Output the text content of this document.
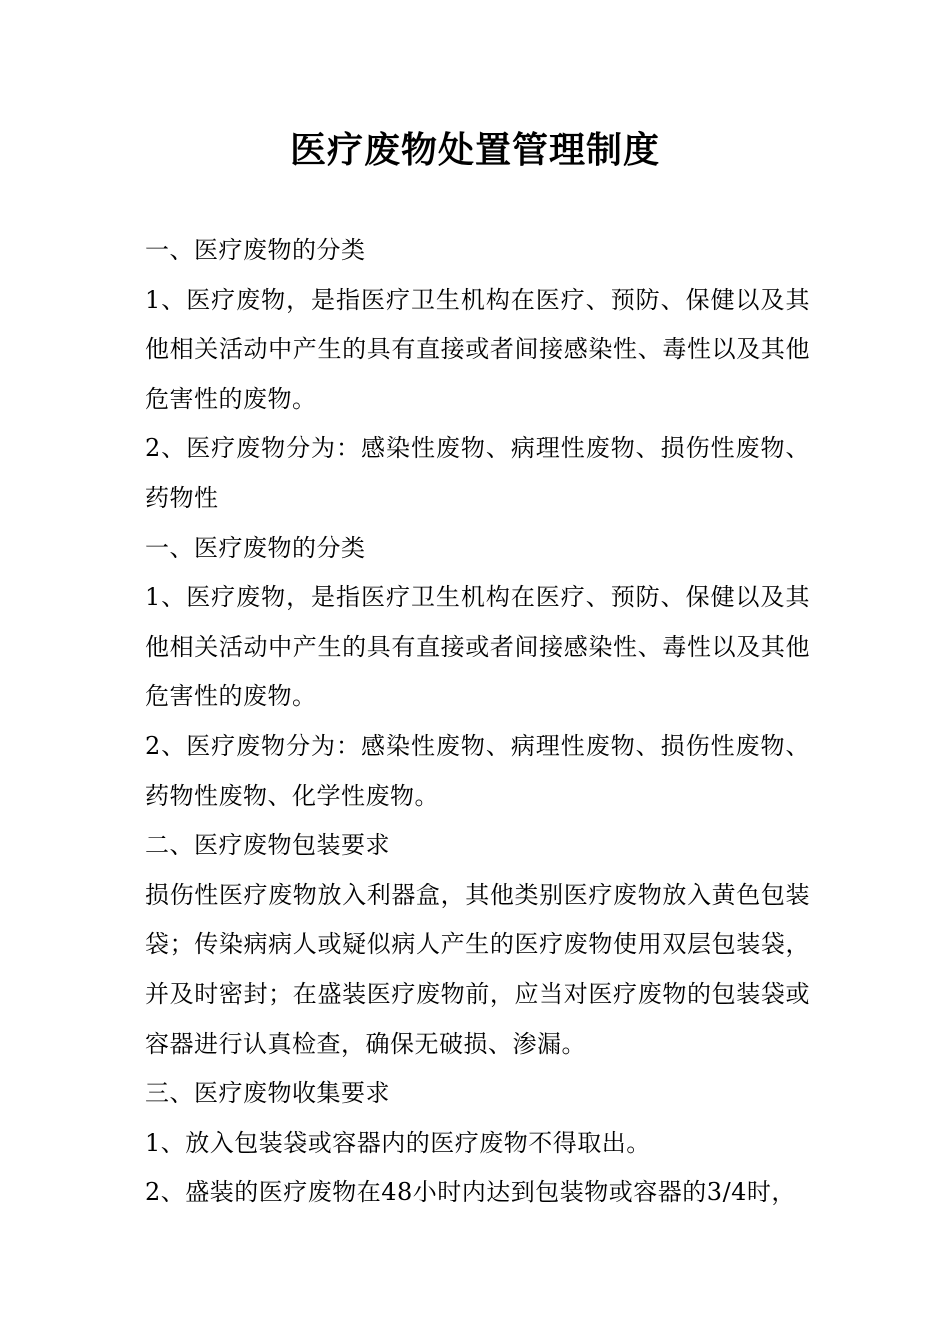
医疗废物处置管理制度

一、医疗废物的分类

1、医疗废物，是指医疗卫生机构在医疗、预防、保健以及其他相关活动中产生的具有直接或者间接感染性、毒性以及其他危害性的废物。

2、医疗废物分为：感染性废物、病理性废物、损伤性废物、药物性

一、医疗废物的分类

1、医疗废物，是指医疗卫生机构在医疗、预防、保健以及其他相关活动中产生的具有直接或者间接感染性、毒性以及其他危害性的废物。

2、医疗废物分为：感染性废物、病理性废物、损伤性废物、药物性废物、化学性废物。

二、医疗废物包装要求

损伤性医疗废物放入利器盒，其他类别医疗废物放入黄色包装袋；传染病病人或疑似病人产生的医疗废物使用双层包装袋，并及时密封；在盛装医疗废物前，应当对医疗废物的包装袋或容器进行认真检查，确保无破损、渗漏。

三、医疗废物收集要求

1、放入包装袋或容器内的医疗废物不得取出。

2、盛装的医疗废物在48小时内达到包装物或容器的3/4时，
